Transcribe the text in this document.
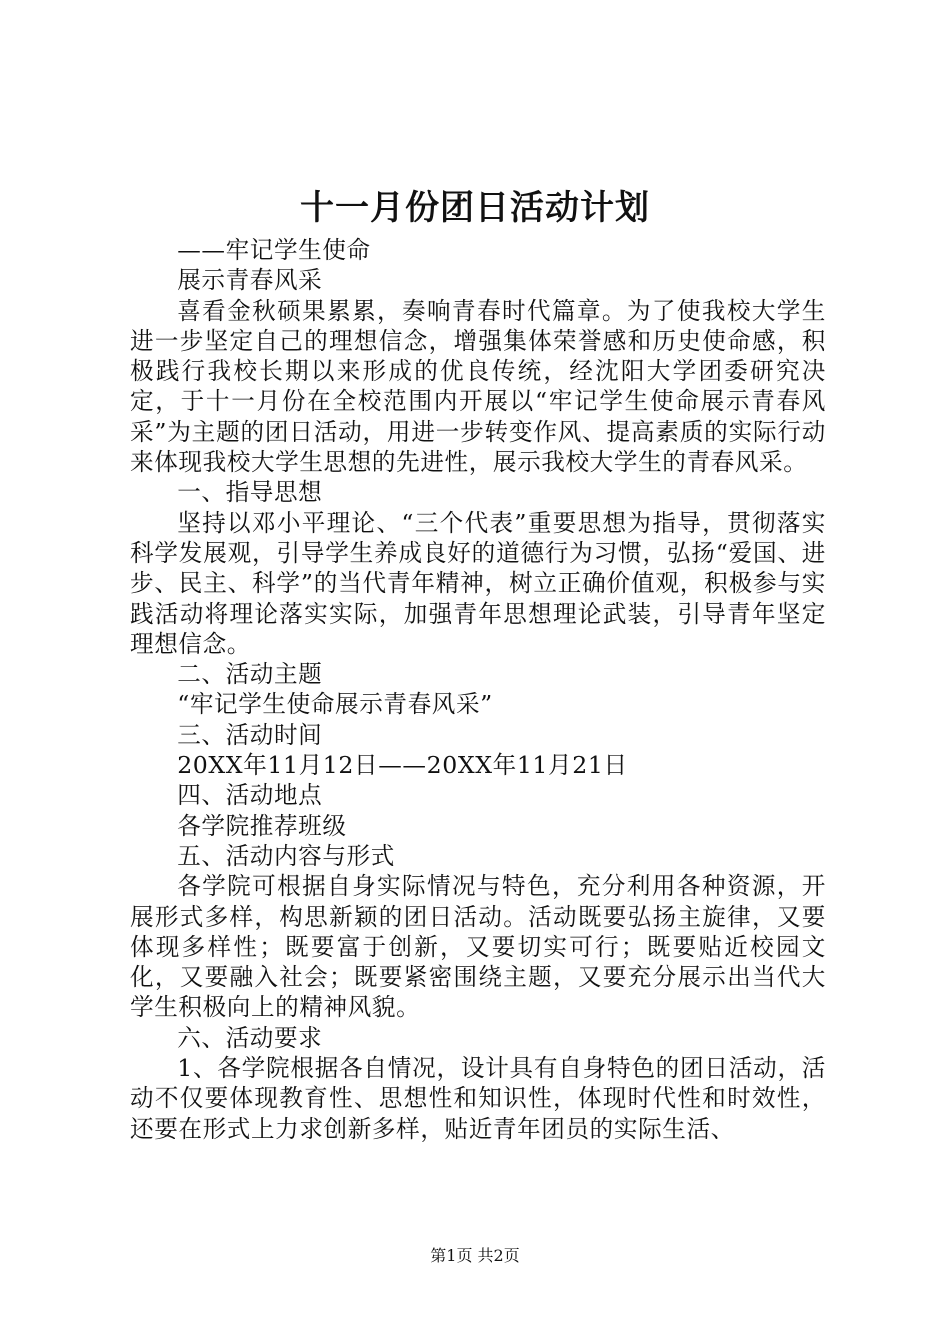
十一月份团日活动计划

——牢记学生使命

展示青春风采

喜看金秋硕果累累，奏响青春时代篇章。为了使我校大学生进一步坚定自己的理想信念，增强集体荣誉感和历史使命感，积极践行我校长期以来形成的优良传统，经沈阳大学团委研究决定，于十一月份在全校范围内开展以“牢记学生使命展示青春风采”为主题的团日活动，用进一步转变作风、提高素质的实际行动来体现我校大学生思想的先进性，展示我校大学生的青春风采。

一、指导思想

坚持以邓小平理论、“三个代表”重要思想为指导，贯彻落实科学发展观，引导学生养成良好的道德行为习惯，弘扬“爱国、进步、民主、科学”的当代青年精神，树立正确价值观，积极参与实践活动将理论落实实际，加强青年思想理论武装，引导青年坚定理想信念。

二、活动主题

“牢记学生使命展示青春风采”

三、活动时间

20XX年11月12日——20XX年11月21日

四、活动地点

各学院推荐班级

五、活动内容与形式

各学院可根据自身实际情况与特色，充分利用各种资源，开展形式多样，构思新颖的团日活动。活动既要弘扬主旋律，又要体现多样性；既要富于创新，又要切实可行；既要贴近校园文化，又要融入社会；既要紧密围绕主题，又要充分展示出当代大学生积极向上的精神风貌。

六、活动要求

1、各学院根据各自情况，设计具有自身特色的团日活动，活动不仅要体现教育性、思想性和知识性，体现时代性和时效性，还要在形式上力求创新多样，贴近青年团员的实际生活、

第1页 共2页
